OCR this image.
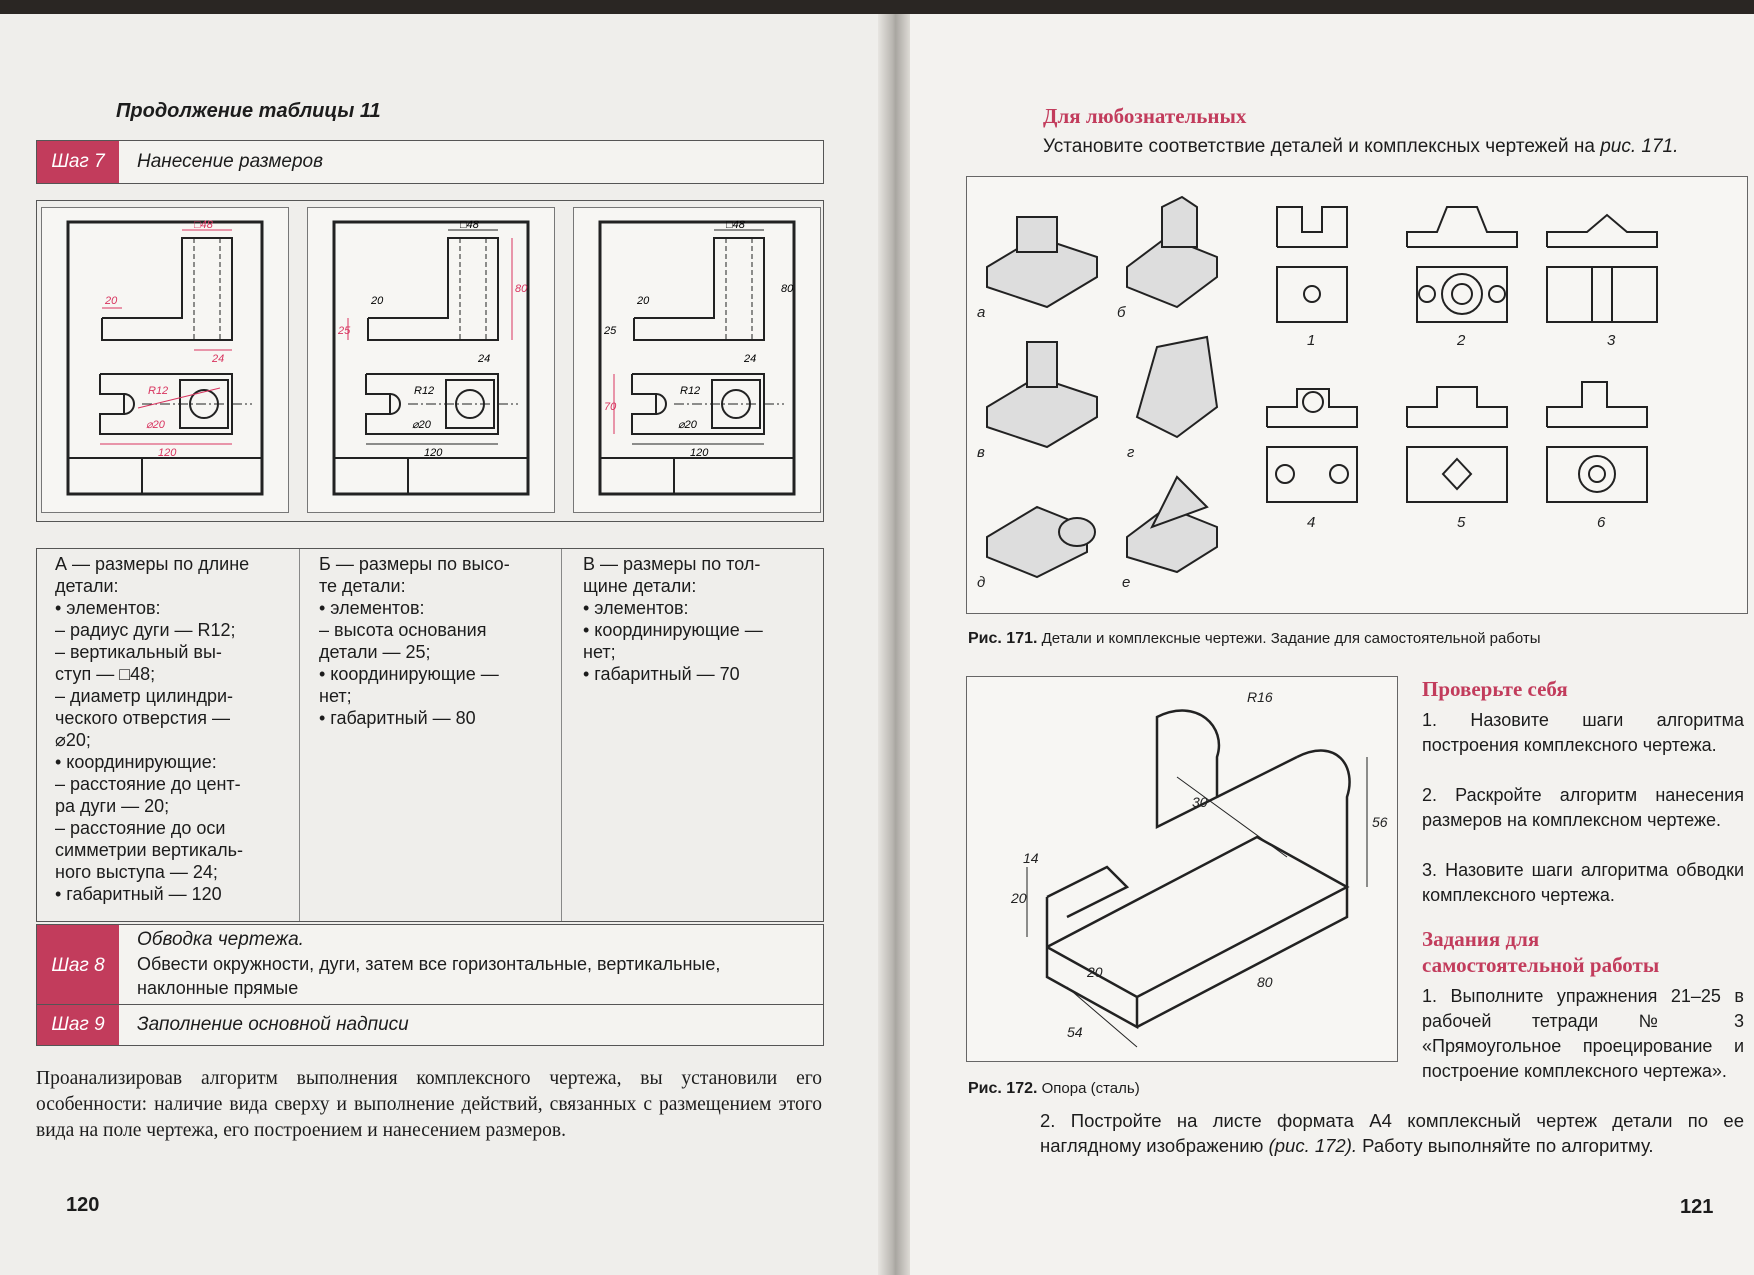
Продолжение таблицы 11
Шаг 7	Нанесение размеров
□48
20
24
R12
⌀20
120
□48
20
24
25
80
R12
⌀20
120
□48
20
24
25
80
70
R12
⌀20
120
А — размеры по длине
детали:
• элементов:
– радиус дуги — R12;
– вертикальный вы-
ступ — □48;
– диаметр цилиндри-
ческого отверстия —
⌀20;
• координирующие:
– расстояние до цент-
ра дуги — 20;
– расстояние до оси
симметрии вертикаль-
ного выступа — 24;
• габаритный — 120
Б — размеры по высо-
те детали:
• элементов:
– высота основания
детали — 25;
• координирующие —
нет;
• габаритный — 80
В — размеры по тол-
щине детали:
• элементов:
• координирующие —
нет;
• габаритный — 70
Шаг 8
Обводка чертежа.
Обвести окружности, дуги, затем все горизонтальные, вертикальные,
наклонные прямые
Шаг 9	Заполнение основной надписи
Проанализировав алгоритм выполнения комплексного чертежа, вы установили его особенности: наличие вида сверху и выполнение действий, связанных с размещением этого вида на поле чертежа, его построением и нанесением размеров.
120
Для любознательных
Установите соответствие деталей и комплексных чертежей на рис. 171.
а	б
в	г
д	е
1	2	3
4	5	6
Рис. 171. Детали и комплексные чертежи. Задание для самостоятельной работы
R16
14
20
30
56
20
80
54
Рис. 172. Опора (сталь)
Проверьте себя
1. Назовите шаги алгоритма построения комплексного чертежа.
2. Раскройте алгоритм нанесения размеров на комплексном чертеже.
3. Назовите шаги алгоритма обводки комплексного чертежа.
Задания для
самостоятельной работы
1. Выполните упражнения 21–25 в рабочей тетради № 3 «Прямоугольное проецирование и построение комплексного чертежа».
2. Постройте на листе формата А4 комплексный чертеж детали по ее наглядному изображению (рис. 172). Работу выполняйте по алгоритму.
121
